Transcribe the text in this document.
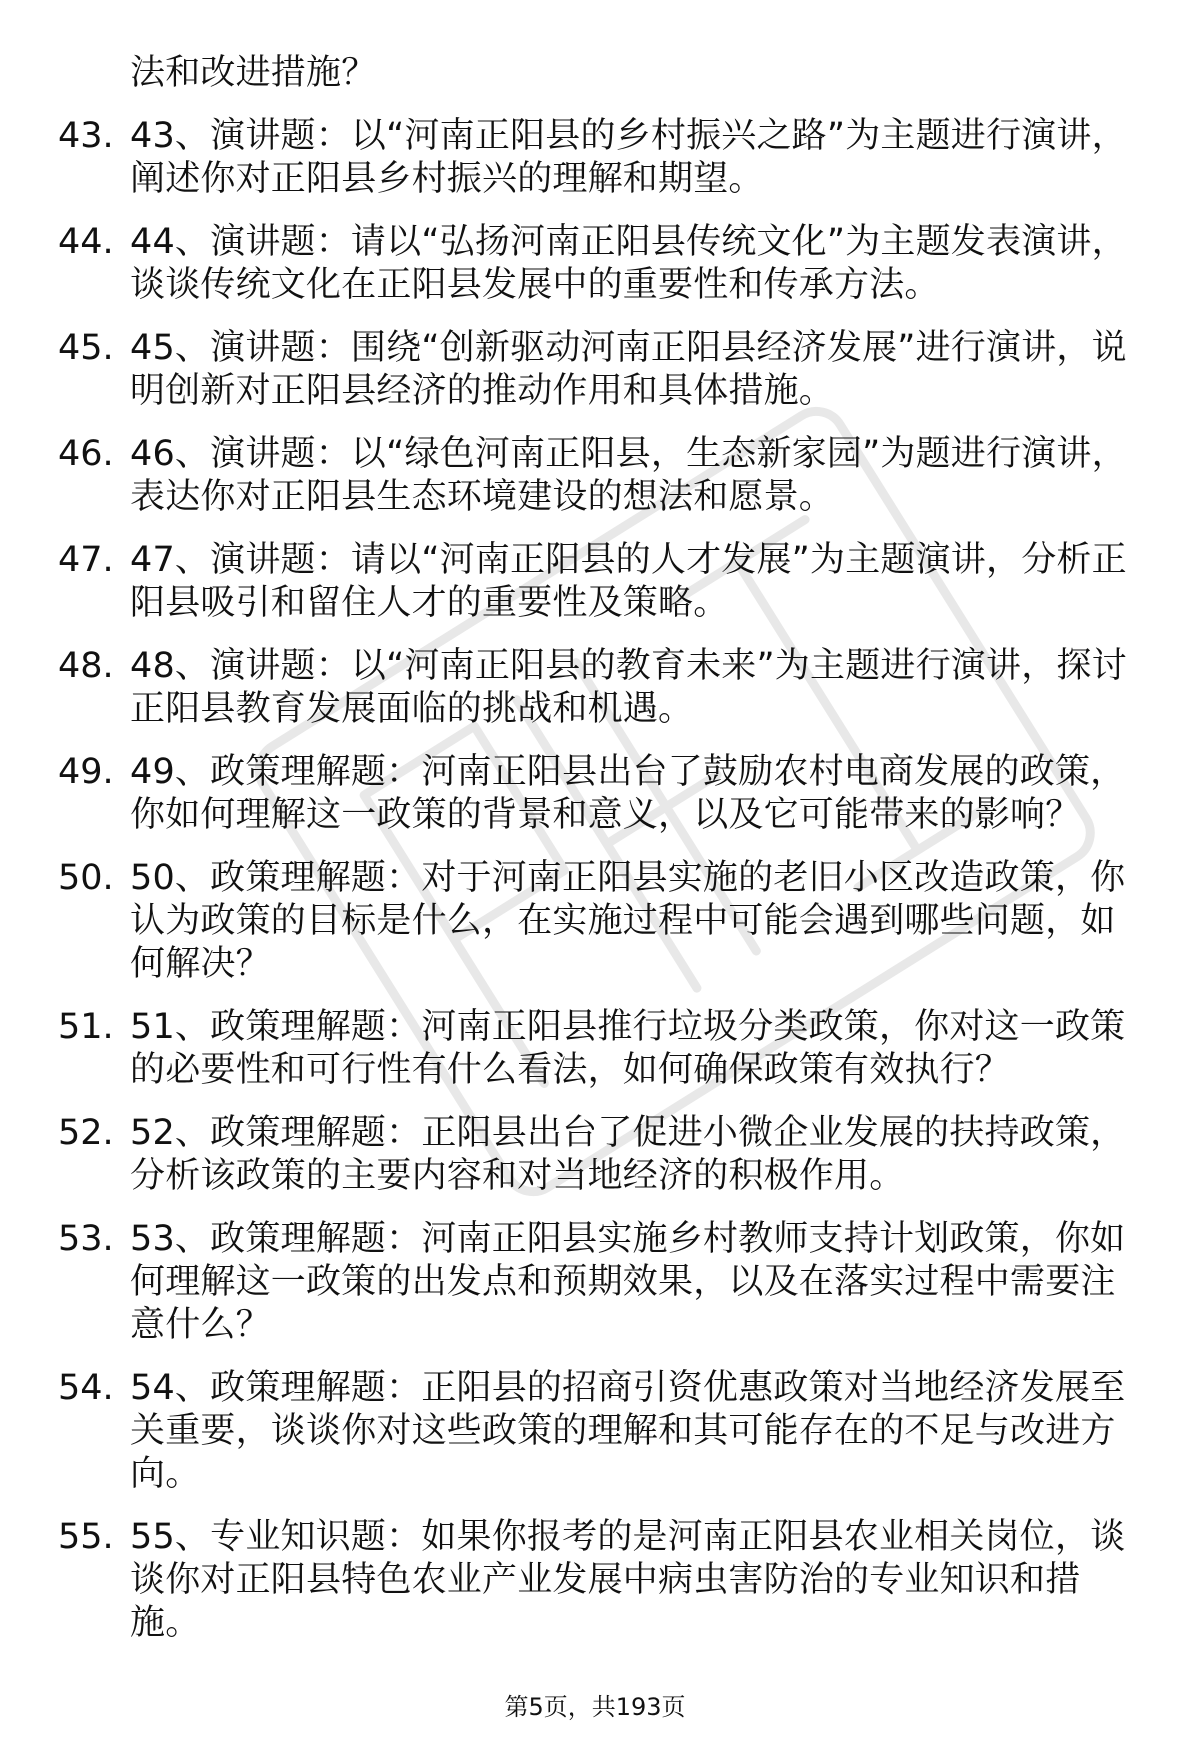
法和改进措施？
43. 43、演讲题：以“河南正阳县的乡村振兴之路”为主题进行演讲，阐述你对正阳县乡村振兴的理解和期望。
44. 44、演讲题：请以“弘扬河南正阳县传统文化”为主题发表演讲，谈谈传统文化在正阳县发展中的重要性和传承方法。
45. 45、演讲题：围绕“创新驱动河南正阳县经济发展”进行演讲，说明创新对正阳县经济的推动作用和具体措施。
46. 46、演讲题：以“绿色河南正阳县，生态新家园”为题进行演讲，表达你对正阳县生态环境建设的想法和愿景。
47. 47、演讲题：请以“河南正阳县的人才发展”为主题演讲，分析正阳县吸引和留住人才的重要性及策略。
48. 48、演讲题：以“河南正阳县的教育未来”为主题进行演讲，探讨正阳县教育发展面临的挑战和机遇。
49. 49、政策理解题：河南正阳县出台了鼓励农村电商发展的政策，你如何理解这一政策的背景和意义，以及它可能带来的影响？
50. 50、政策理解题：对于河南正阳县实施的老旧小区改造政策，你认为政策的目标是什么，在实施过程中可能会遇到哪些问题，如何解决？
51. 51、政策理解题：河南正阳县推行垃圾分类政策，你对这一政策的必要性和可行性有什么看法，如何确保政策有效执行？
52. 52、政策理解题：正阳县出台了促进小微企业发展的扶持政策，分析该政策的主要内容和对当地经济的积极作用。
53. 53、政策理解题：河南正阳县实施乡村教师支持计划政策，你如何理解这一政策的出发点和预期效果，以及在落实过程中需要注意什么？
54. 54、政策理解题：正阳县的招商引资优惠政策对当地经济发展至关重要，谈谈你对这些政策的理解和其可能存在的不足与改进方向。
55. 55、专业知识题：如果你报考的是河南正阳县农业相关岗位，谈谈你对正阳县特色农业产业发展中病虫害防治的专业知识和措施。
第5页，共193页
